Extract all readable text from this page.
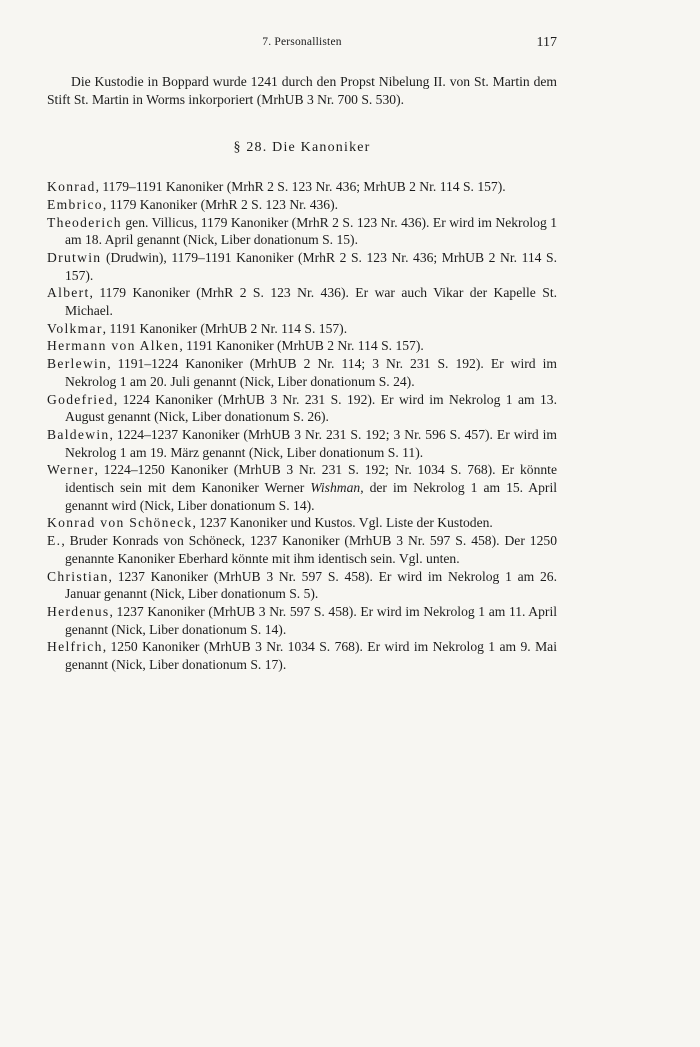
7. Personallisten	117

Die Kustodie in Boppard wurde 1241 durch den Propst Nibelung II. von St. Martin dem Stift St. Martin in Worms inkorporiert (MrhUB 3 Nr. 700 S. 530).

§ 28. Die Kanoniker

Konrad, 1179–1191 Kanoniker (MrhR 2 S. 123 Nr. 436; MrhUB 2 Nr. 114 S. 157).

Embrico, 1179 Kanoniker (MrhR 2 S. 123 Nr. 436).

Theoderich gen. Villicus, 1179 Kanoniker (MrhR 2 S. 123 Nr. 436). Er wird im Nekrolog 1 am 18. April genannt (Nick, Liber donationum S. 15).

Drutwin (Drudwin), 1179–1191 Kanoniker (MrhR 2 S. 123 Nr. 436; MrhUB 2 Nr. 114 S. 157).

Albert, 1179 Kanoniker (MrhR 2 S. 123 Nr. 436). Er war auch Vikar der Kapelle St. Michael.

Volkmar, 1191 Kanoniker (MrhUB 2 Nr. 114 S. 157).

Hermann von Alken, 1191 Kanoniker (MrhUB 2 Nr. 114 S. 157).

Berlewin, 1191–1224 Kanoniker (MrhUB 2 Nr. 114; 3 Nr. 231 S. 192). Er wird im Nekrolog 1 am 20. Juli genannt (Nick, Liber donationum S. 24).

Godefried, 1224 Kanoniker (MrhUB 3 Nr. 231 S. 192). Er wird im Nekrolog 1 am 13. August genannt (Nick, Liber donationum S. 26).

Baldewin, 1224–1237 Kanoniker (MrhUB 3 Nr. 231 S. 192; 3 Nr. 596 S. 457). Er wird im Nekrolog 1 am 19. März genannt (Nick, Liber donationum S. 11).

Werner, 1224–1250 Kanoniker (MrhUB 3 Nr. 231 S. 192; Nr. 1034 S. 768). Er könnte identisch sein mit dem Kanoniker Werner Wishman, der im Nekrolog 1 am 15. April genannt wird (Nick, Liber donationum S. 14).

Konrad von Schöneck, 1237 Kanoniker und Kustos. Vgl. Liste der Kustoden.

E., Bruder Konrads von Schöneck, 1237 Kanoniker (MrhUB 3 Nr. 597 S. 458). Der 1250 genannte Kanoniker Eberhard könnte mit ihm identisch sein. Vgl. unten.

Christian, 1237 Kanoniker (MrhUB 3 Nr. 597 S. 458). Er wird im Nekrolog 1 am 26. Januar genannt (Nick, Liber donationum S. 5).

Herdenus, 1237 Kanoniker (MrhUB 3 Nr. 597 S. 458). Er wird im Nekrolog 1 am 11. April genannt (Nick, Liber donationum S. 14).

Helfrich, 1250 Kanoniker (MrhUB 3 Nr. 1034 S. 768). Er wird im Nekrolog 1 am 9. Mai genannt (Nick, Liber donationum S. 17).
